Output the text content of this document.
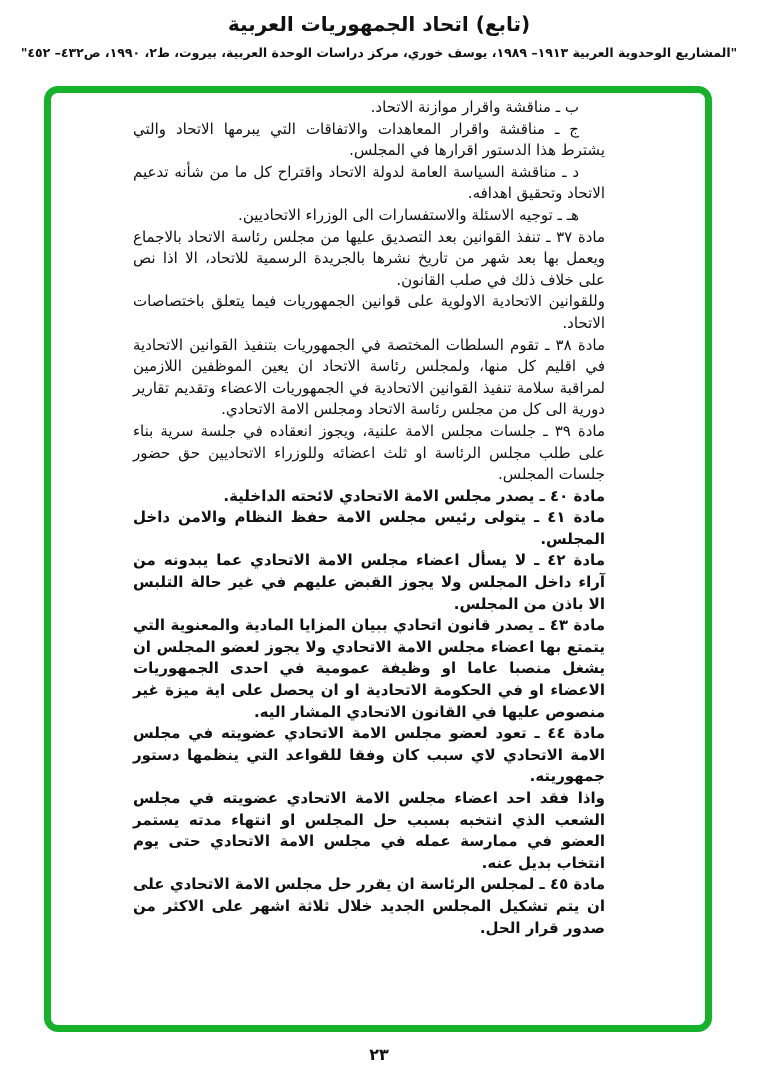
(تابع) اتحاد الجمهوريات العربية
"المشاريع الوحدوية العربية ١٩١٣– ١٩٨٩، يوسف خوري، مركز دراسات الوحدة العربية، بيروت، ط٢، ١٩٩٠، ص٤٣٢– ٤٥٢"

ب ـ مناقشة واقرار موازنة الاتحاد.

ج ـ مناقشة واقرار المعاهدات والاتفاقات التي يبرمها الاتحاد والتي يشترط هذا الدستور اقرارها في المجلس.

د ـ مناقشة السياسة العامة لدولة الاتحاد واقتراح كل ما من شأنه تدعيم الاتحاد وتحقيق اهدافه.

هـ ـ توجيه الاسئلة والاستفسارات الى الوزراء الاتحاديين.

مادة ٣٧ ـ تنفذ القوانين بعد التصديق عليها من مجلس رئاسة الاتحاد بالاجماع ويعمل بها بعد شهر من تاريخ نشرها بالجريدة الرسمية للاتحاد، الا اذا نص على خلاف ذلك في صلب القانون.

وللقوانين الاتحادية الاولوية على قوانين الجمهوريات فيما يتعلق باختصاصات الاتحاد.

مادة ٣٨ ـ تقوم السلطات المختصة في الجمهوريات بتنفيذ القوانين الاتحادية في اقليم كل منها، ولمجلس رئاسة الاتحاد ان يعين الموظفين اللازمين لمراقبة سلامة تنفيذ القوانين الاتحادية في الجمهوريات الاعضاء وتقديم تقارير دورية الى كل من مجلس رئاسة الاتحاد ومجلس الامة الاتحادي.

مادة ٣٩ ـ جلسات مجلس الامة علنية، ويجوز انعقاده في جلسة سرية بناء على طلب مجلس الرئاسة او ثلث اعضائه وللوزراء الاتحاديين حق حضور جلسات المجلس.

مادة ٤٠ ـ يصدر مجلس الامة الاتحادي لائحته الداخلية.

مادة ٤١ ـ يتولى رئيس مجلس الامة حفظ النظام والامن داخل المجلس.

مادة ٤٢ ـ لا يسأل اعضاء مجلس الامة الاتحادي عما يبدونه من آراء داخل المجلس ولا يجوز القبض عليهم في غير حالة التلبس الا باذن من المجلس.

مادة ٤٣ ـ يصدر قانون اتحادي ببيان المزايا المادية والمعنوية التي يتمتع بها اعضاء مجلس الامة الاتحادي ولا يجوز لعضو المجلس ان يشغل منصبا عاما او وظيفة عمومية في احدى الجمهوريات الاعضاء او في الحكومة الاتحادية او ان يحصل على اية ميزة غير منصوص عليها في القانون الاتحادي المشار اليه.

مادة ٤٤ ـ تعود لعضو مجلس الامة الاتحادي عضويته في مجلس الامة الاتحادي لاي سبب كان وفقا للقواعد التي ينظمها دستور جمهوريته.

واذا فقد احد اعضاء مجلس الامة الاتحادي عضويته في مجلس الشعب الذي انتخبه بسبب حل المجلس او انتهاء مدته يستمر العضو في ممارسة عمله في مجلس الامة الاتحادي حتى يوم انتخاب بديل عنه.

مادة ٤٥ ـ لمجلس الرئاسة ان يقرر حل مجلس الامة الاتحادي على ان يتم تشكيل المجلس الجديد خلال ثلاثة اشهر على الاكثر من صدور قرار الحل.

٢٣
